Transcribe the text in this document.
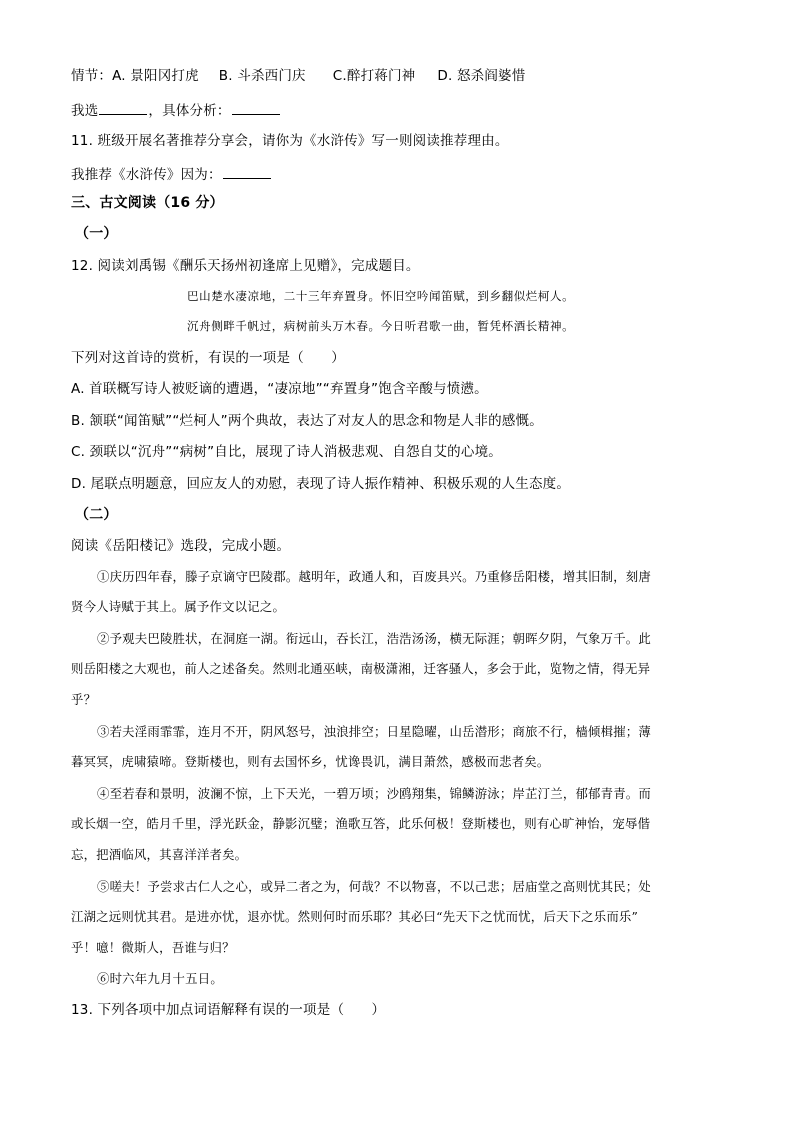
情节：A. 景阳冈打虎 B. 斗杀西门庆 C.醉打蒋门神 D. 怒杀阎婆惜
我选	，具体分析：
11. 班级开展名著推荐分享会，请你为《水浒传》写一则阅读推荐理由。
我推荐《水浒传》因为：
三、古文阅读（16 分）
（一）
12. 阅读刘禹锡《酬乐天扬州初逢席上见赠》，完成题目。
巴山楚水凄凉地，二十三年弃置身。怀旧空吟闻笛赋，到乡翻似烂柯人。
沉舟侧畔千帆过，病树前头万木春。今日听君歌一曲，暂凭杯酒长精神。
下列对这首诗的赏析，有误的一项是（　　）
A. 首联概写诗人被贬谪的遭遇，“凄凉地”“弃置身”饱含辛酸与愤懑。
B. 颔联“闻笛赋”“烂柯人”两个典故，表达了对友人的思念和物是人非的感慨。
C. 颈联以“沉舟”“病树”自比，展现了诗人消极悲观、自怨自艾的心境。
D. 尾联点明题意，回应友人的劝慰，表现了诗人振作精神、积极乐观的人生态度。
（二）
阅读《岳阳楼记》选段，完成小题。
①庆历四年春，滕子京谪守巴陵郡。越明年，政通人和，百废具兴。乃重修岳阳楼，增其旧制，刻唐
贤今人诗赋于其上。属予作文以记之。
②予观夫巴陵胜状，在洞庭一湖。衔远山，吞长江，浩浩汤汤，横无际涯；朝晖夕阴，气象万千。此
则岳阳楼之大观也，前人之述备矣。然则北通巫峡，南极潇湘，迁客骚人，多会于此，览物之情，得无异
乎？
③若夫淫雨霏霏，连月不开，阴风怒号，浊浪排空；日星隐曜，山岳潜形；商旅不行，樯倾楫摧；薄
暮冥冥，虎啸猿啼。登斯楼也，则有去国怀乡，忧谗畏讥，满目萧然，感极而悲者矣。
④至若春和景明，波澜不惊，上下天光，一碧万顷；沙鸥翔集，锦鳞游泳；岸芷汀兰，郁郁青青。而
或长烟一空，皓月千里，浮光跃金，静影沉璧；渔歌互答，此乐何极！登斯楼也，则有心旷神怡，宠辱偕
忘，把酒临风，其喜洋洋者矣。
⑤嗟夫！予尝求古仁人之心，或异二者之为，何哉？不以物喜，不以己悲；居庙堂之高则忧其民；处
江湖之远则忧其君。是进亦忧，退亦忧。然则何时而乐耶？其必曰“先天下之忧而忧，后天下之乐而乐”
乎！噫！微斯人，吾谁与归？
⑥时六年九月十五日。
13. 下列各项中加点词语解释有误的一项是（　　）
